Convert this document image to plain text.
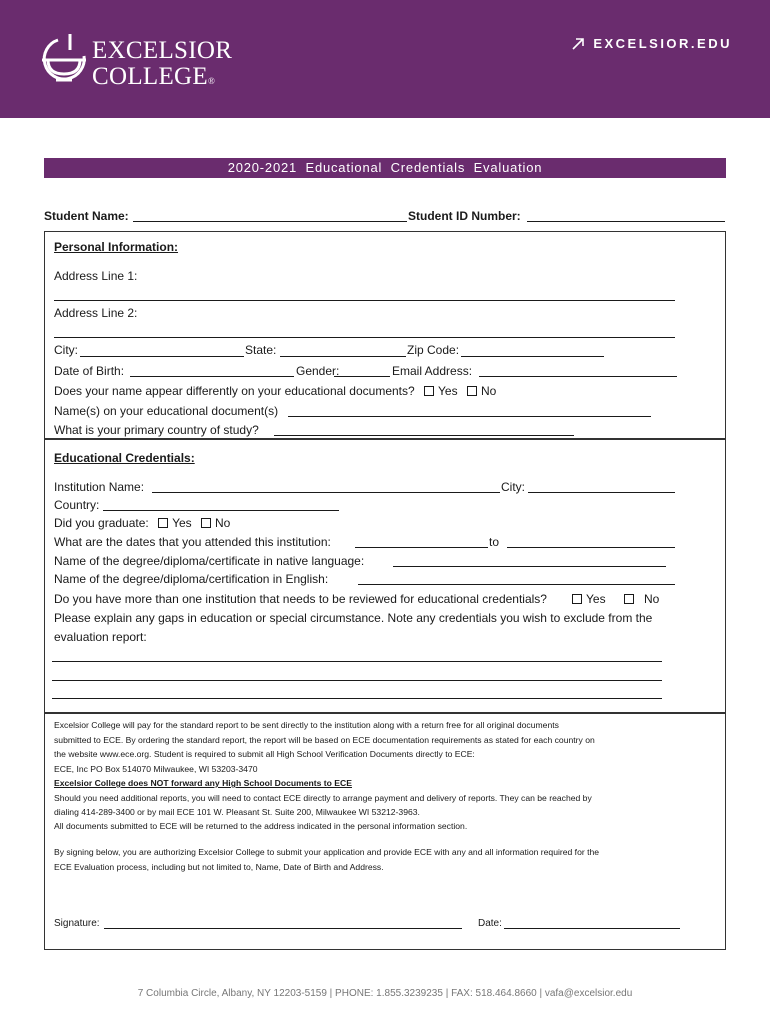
EXCELSIOR
COLLEGE®
EXCELSIOR.EDU
2020-2021 Educational Credentials Evaluation
Student Name:	Student ID Number:
Personal Information:
Address Line 1:
Address Line 2:
City:	State:	Zip Code:
Date of Birth:	Gender:	Email Address:
Does your name appear differently on your educational documents? Yes No
Name(s) on your educational document(s)
What is your primary country of study?
Educational Credentials:
Institution Name:	City:
Country:
Did you graduate: Yes No
What are the dates that you attended this institution:	to
Name of the degree/diploma/certificate in native language:
Name of the degree/diploma/certification in English:
Do you have more than one institution that needs to be reviewed for educational credentials?	Yes	No
Please explain any gaps in education or special circumstance. Note any credentials you wish to exclude from the
evaluation report:
Excelsior College will pay for the standard report to be sent directly to the institution along with a return free for all original documents
submitted to ECE. By ordering the standard report, the report will be based on ECE documentation requirements as stated for each country on
the website www.ece.org. Student is required to submit all High School Verification Documents directly to ECE:
ECE, Inc PO Box 514070 Milwaukee, WI 53203-3470
Excelsior College does NOT forward any High School Documents to ECE
Should you need additional reports, you will need to contact ECE directly to arrange payment and delivery of reports. They can be reached by
dialing 414-289-3400 or by mail ECE 101 W. Pleasant St. Suite 200, Milwaukee WI 53212-3963.
All documents submitted to ECE will be returned to the address indicated in the personal information section.
By signing below, you are authorizing Excelsior College to submit your application and provide ECE with any and all information required for the
ECE Evaluation process, including but not limited to, Name, Date of Birth and Address.
Signature:	Date:
7 Columbia Circle, Albany, NY 12203-5159 | PHONE: 1.855.3239235 | FAX: 518.464.8660 | vafa@excelsior.edu
